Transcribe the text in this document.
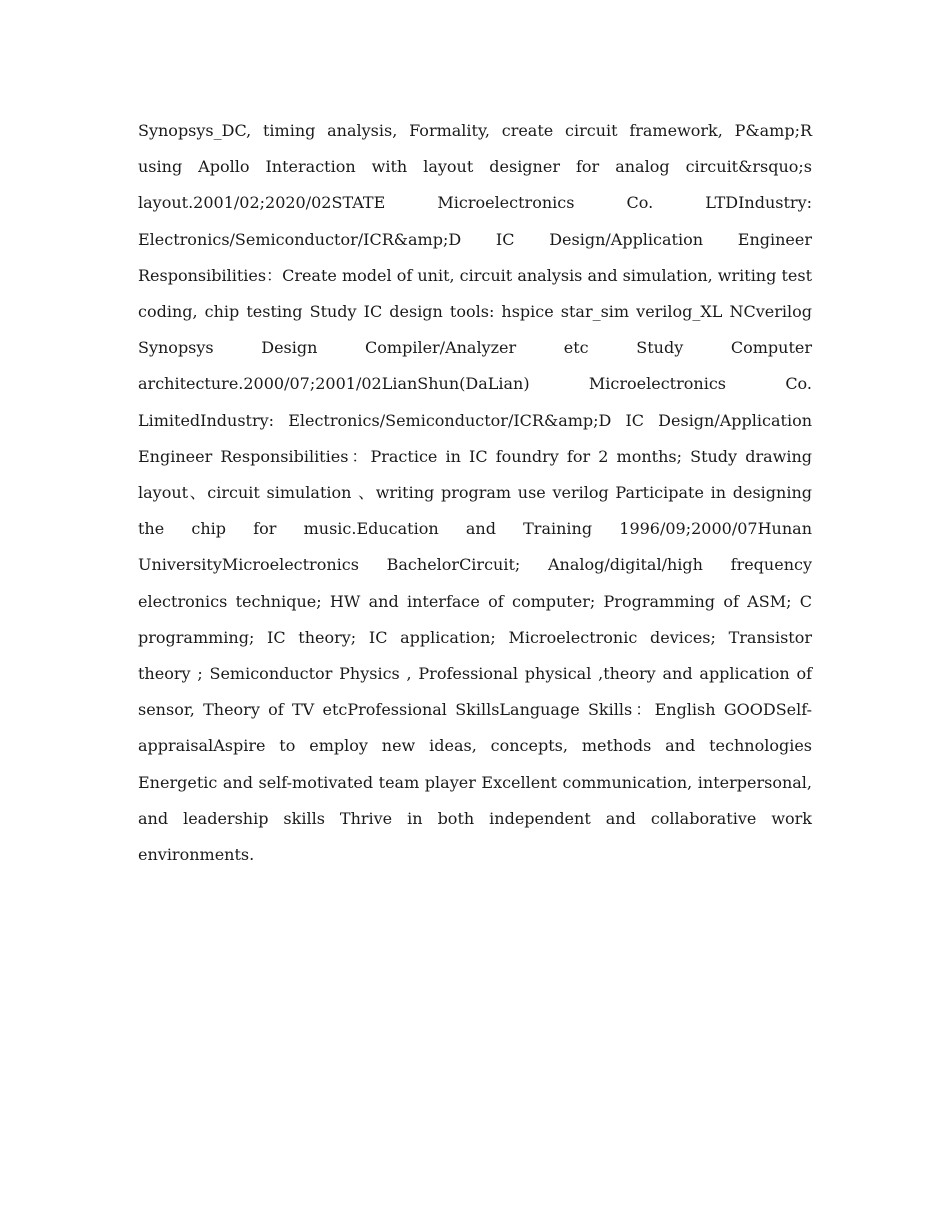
Synopsys_DC, timing analysis, Formality, create circuit framework, P&amp;R using Apollo Interaction with layout designer for analog circuit&rsquo;s layout.2001/02;2020/02STATE Microelectronics Co. LTDIndustry: Electronics/Semiconductor/ICR&amp;D IC Design/Application Engineer Responsibilities：Create model of unit, circuit analysis and simulation, writing test coding, chip testing Study IC design tools: hspice star_sim verilog_XL NCverilog Synopsys Design Compiler/Analyzer etc Study Computer architecture.2000/07;2001/02LianShun(DaLian) Microelectronics Co. LimitedIndustry: Electronics/Semiconductor/ICR&amp;D IC Design/Application Engineer Responsibilities：Practice in IC foundry for 2 months; Study drawing layout、circuit simulation 、writing program use verilog Participate in designing the chip for music.Education and Training 1996/09;2000/07Hunan UniversityMicroelectronics BachelorCircuit; Analog/digital/high frequency electronics technique; HW and interface of computer; Programming of ASM; C programming; IC theory; IC application; Microelectronic devices; Transistor theory ; Semiconductor Physics , Professional physical ,theory and application of sensor, Theory of TV etcProfessional SkillsLanguage Skills：English GOODSelf-appraisalAspire to employ new ideas, concepts, methods and technologies Energetic and self-motivated team player Excellent communication, interpersonal, and leadership skills Thrive in both independent and collaborative work environments.
